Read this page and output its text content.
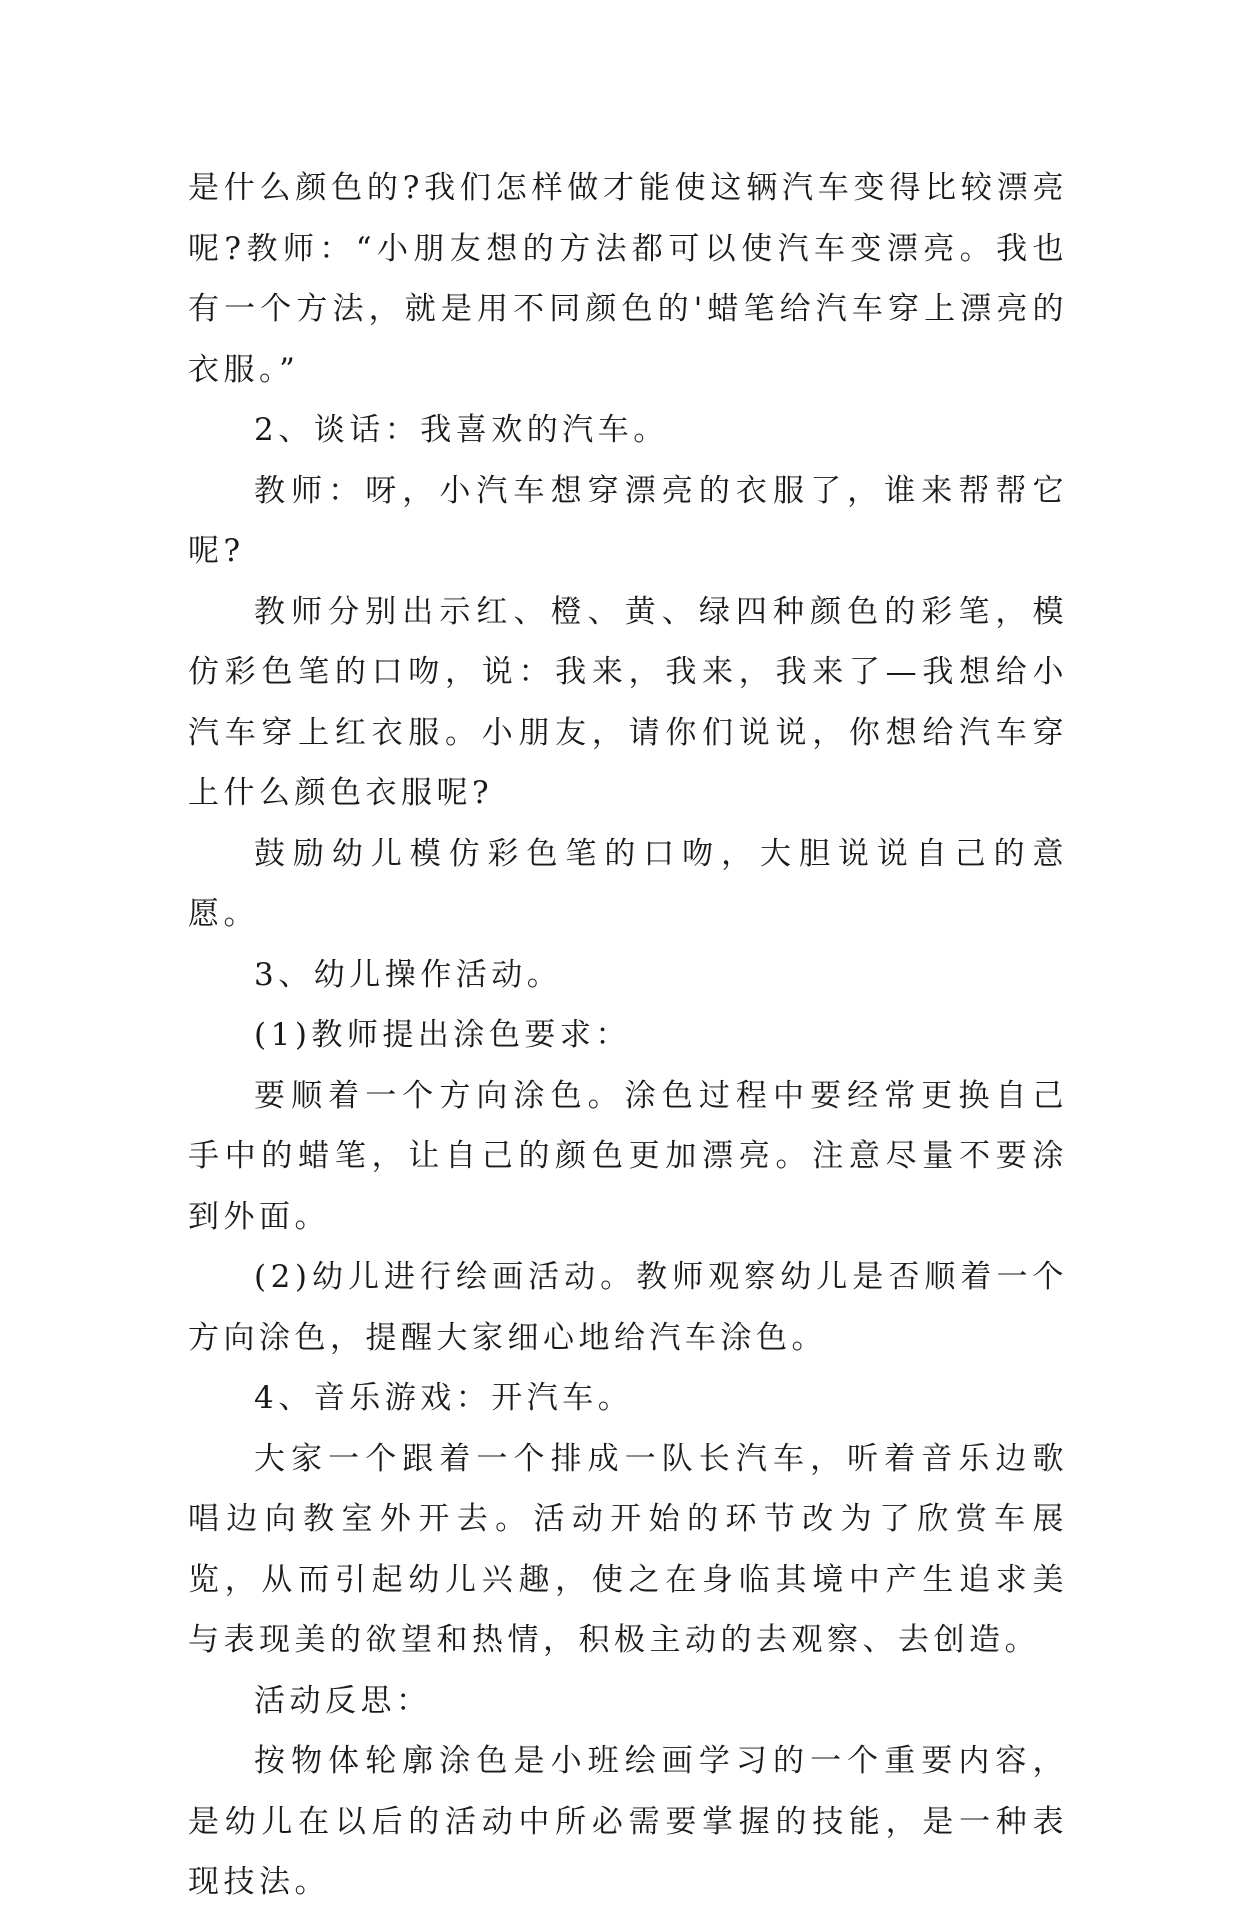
是什么颜色的?我们怎样做才能使这辆汽车变得比较漂亮呢?教师：“小朋友想的方法都可以使汽车变漂亮。我也有一个方法，就是用不同颜色的'蜡笔给汽车穿上漂亮的衣服。”

2、谈话：我喜欢的汽车。

教师：呀，小汽车想穿漂亮的衣服了，谁来帮帮它呢?

教师分别出示红、橙、黄、绿四种颜色的彩笔，模仿彩色笔的口吻，说：我来，我来，我来了—我想给小汽车穿上红衣服。小朋友，请你们说说，你想给汽车穿上什么颜色衣服呢?

鼓励幼儿模仿彩色笔的口吻，大胆说说自己的意愿。

3、幼儿操作活动。

(1)教师提出涂色要求：

要顺着一个方向涂色。涂色过程中要经常更换自己手中的蜡笔，让自己的颜色更加漂亮。注意尽量不要涂到外面。

(2)幼儿进行绘画活动。教师观察幼儿是否顺着一个方向涂色，提醒大家细心地给汽车涂色。

4、音乐游戏：开汽车。

大家一个跟着一个排成一队长汽车，听着音乐边歌唱边向教室外开去。活动开始的环节改为了欣赏车展览，从而引起幼儿兴趣，使之在身临其境中产生追求美与表现美的欲望和热情，积极主动的去观察、去创造。

活动反思：

按物体轮廓涂色是小班绘画学习的一个重要内容，是幼儿在以后的活动中所必需要掌握的技能，是一种表现技法。
